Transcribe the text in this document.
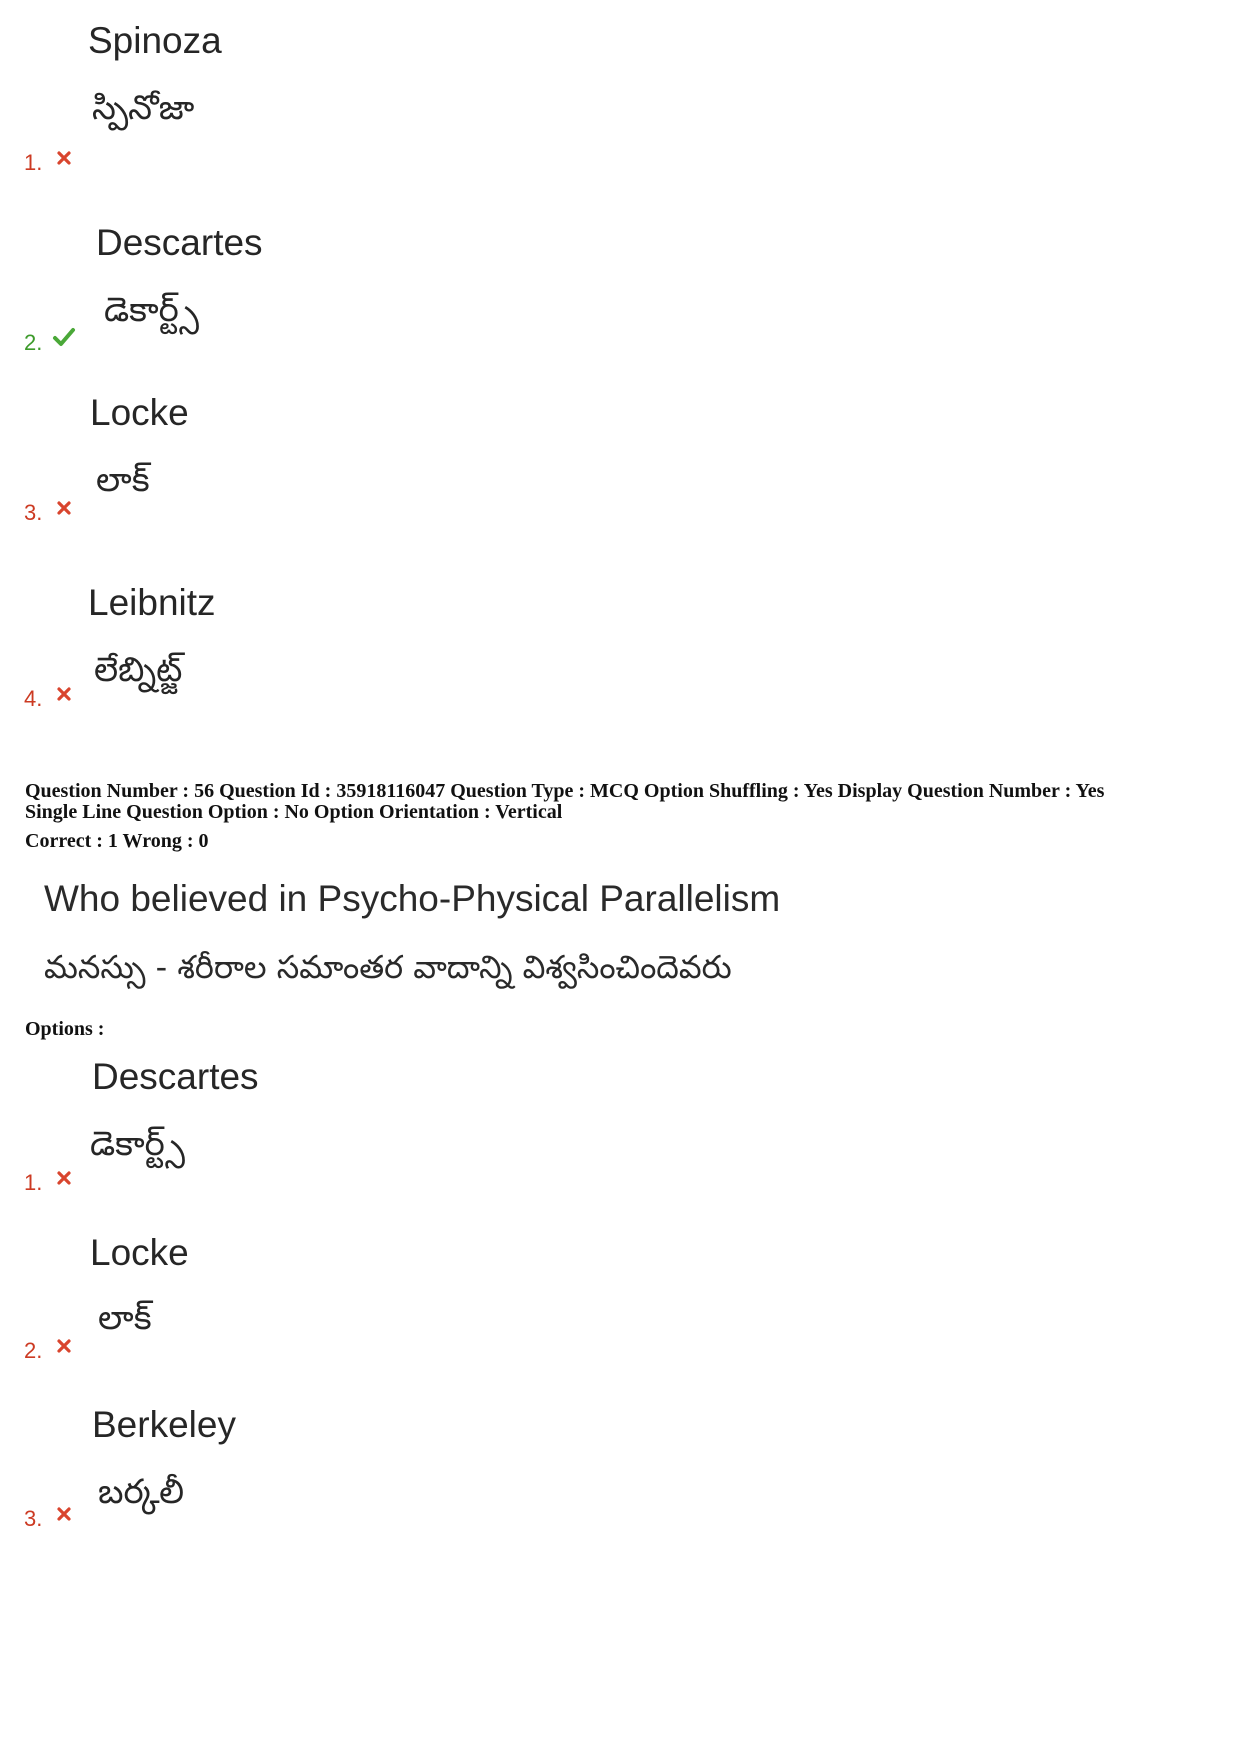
Spinoza
స్పినోజా
1.
Descartes
డెకార్ట్స్
2.
Locke
లాక్
3.
Leibnitz
లేబ్నిట్జ్
4.
Question Number : 56 Question Id : 35918116047 Question Type : MCQ Option Shuffling : Yes Display Question Number : Yes
Single Line Question Option : No Option Orientation : Vertical
Correct : 1 Wrong : 0
Who believed in Psycho-Physical Parallelism
మనస్సు - శరీరాల సమాంతర వాదాన్ని విశ్వసించిందెవరు
Options :
Descartes
డెకార్ట్స్
1.
Locke
లాక్
2.
Berkeley
బర్కలీ
3.
